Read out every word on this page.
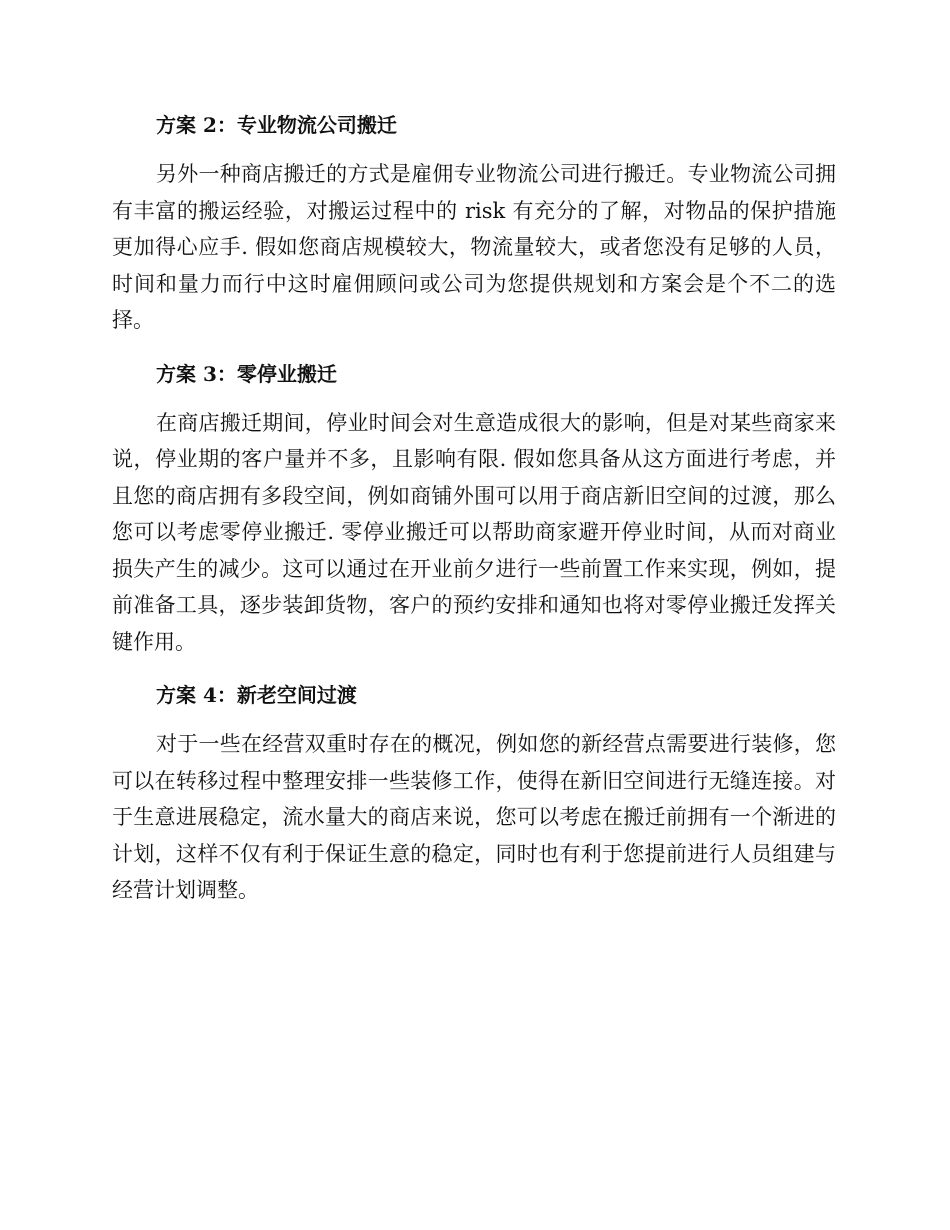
方案 2：专业物流公司搬迁

另外一种商店搬迁的方式是雇佣专业物流公司进行搬迁。专业物流公司拥有丰富的搬运经验，对搬运过程中的 risk 有充分的了解，对物品的保护措施更加得心应手. 假如您商店规模较大，物流量较大，或者您没有足够的人员，时间和量力而行中这时雇佣顾问或公司为您提供规划和方案会是个不二的选择。

方案 3：零停业搬迁

在商店搬迁期间，停业时间会对生意造成很大的影响，但是对某些商家来说，停业期的客户量并不多，且影响有限. 假如您具备从这方面进行考虑，并且您的商店拥有多段空间，例如商铺外围可以用于商店新旧空间的过渡，那么您可以考虑零停业搬迁. 零停业搬迁可以帮助商家避开停业时间，从而对商业损失产生的减少。这可以通过在开业前夕进行一些前置工作来实现，例如，提前准备工具，逐步装卸货物，客户的预约安排和通知也将对零停业搬迁发挥关键作用。

方案 4：新老空间过渡

对于一些在经营双重时存在的概况，例如您的新经营点需要进行装修，您可以在转移过程中整理安排一些装修工作，使得在新旧空间进行无缝连接。对于生意进展稳定，流水量大的商店来说，您可以考虑在搬迁前拥有一个渐进的计划，这样不仅有利于保证生意的稳定，同时也有利于您提前进行人员组建与经营计划调整。
